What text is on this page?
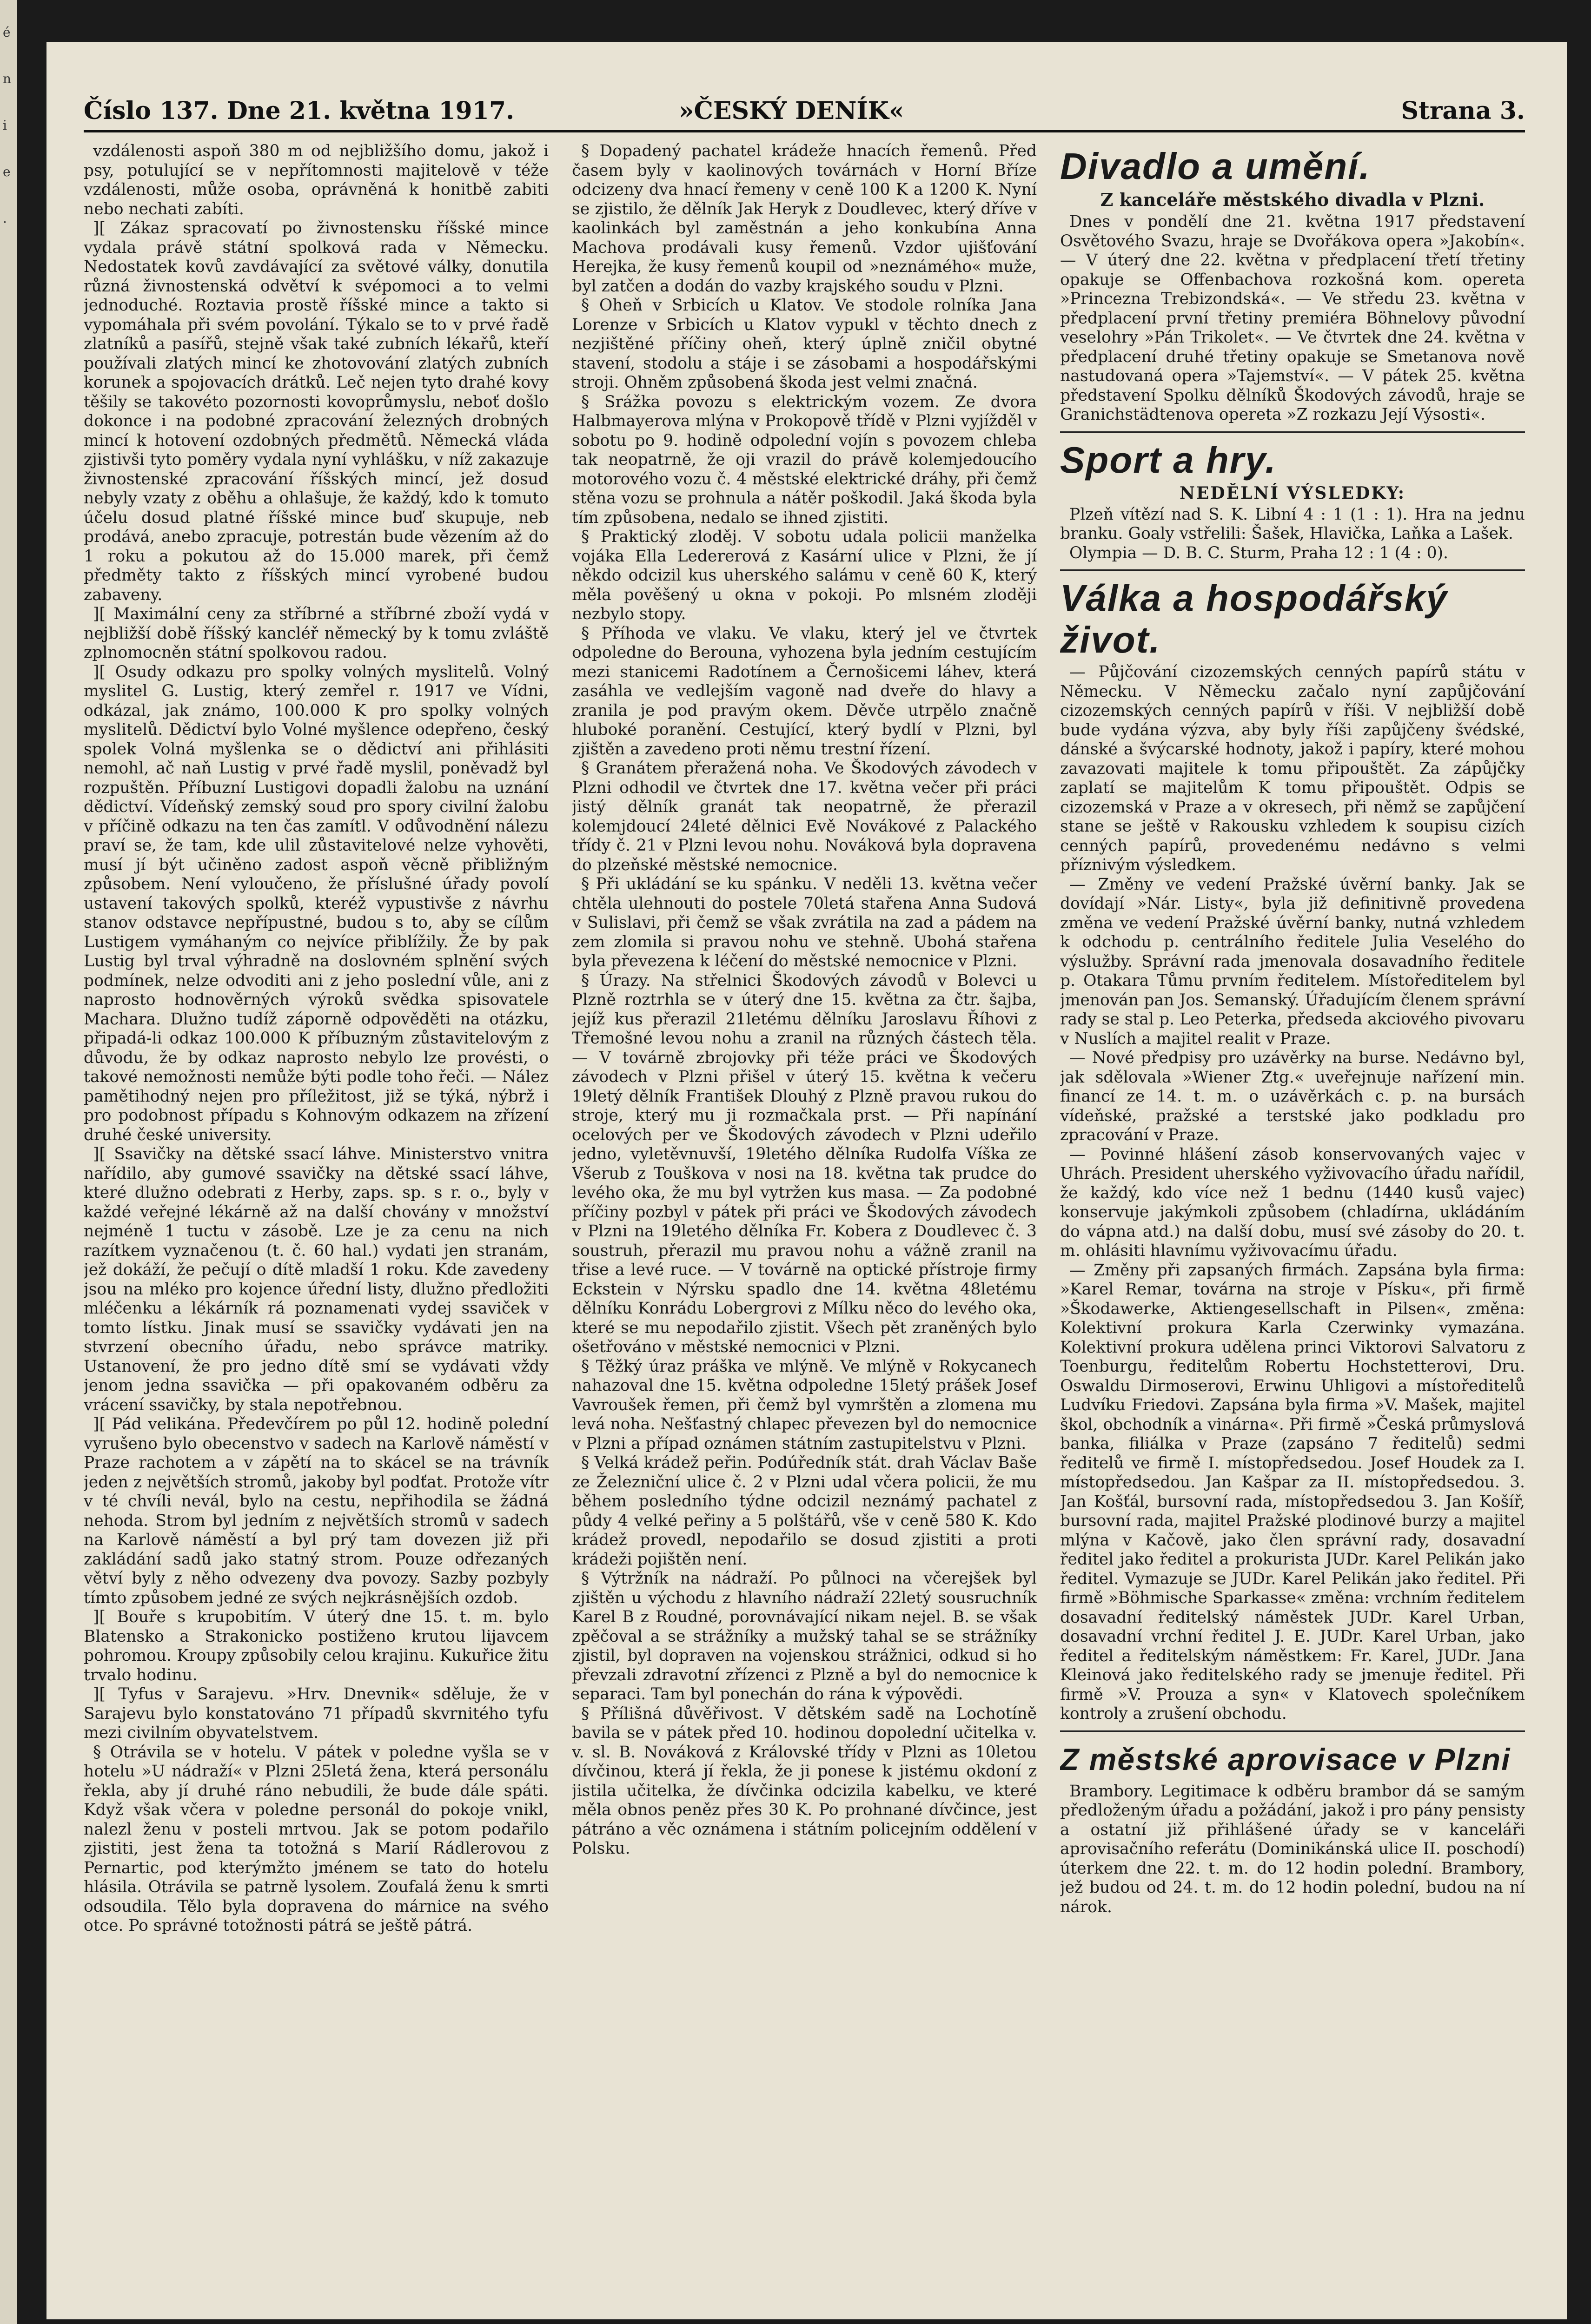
é
n
i
e
.
Číslo 137. Dne 21. května 1917.	»ČESKÝ DENÍK«	Strana 3.

vzdálenosti aspoň 380 m od nejbližšího domu, jakož i psy, potulující se v nepřítomnosti majitelově v téže vzdálenosti, může osoba, oprávněná k honitbě zabiti nebo nechati zabíti.

][ Zákaz spracovatí po živnostensku říšské mince vydala právě státní spolková rada v Německu. Nedostatek kovů zavdávající za světové války, donutila různá živnostenská odvětví k svépomoci a to velmi jednoduché. Roztavia prostě říšské mince a takto si vypomáhala při svém povolání. Týkalo se to v prvé řadě zlatníků a pasířů, stejně však také zubních lékařů, kteří používali zlatých mincí ke zhotovování zlatých zubních korunek a spojovacích drátků. Leč nejen tyto drahé kovy těšily se takovéto pozornosti kovoprůmyslu, neboť došlo dokonce i na podobné zpracování železných drobných mincí k hotovení ozdobných předmětů. Německá vláda zjistivši tyto poměry vydala nyní vyhlášku, v níž zakazuje živnostenské zpracování říšských mincí, jež dosud nebyly vzaty z oběhu a ohlašuje, že každý, kdo k tomuto účelu dosud platné říšské mince buď skupuje, neb prodává, anebo zpracuje, potrestán bude vězením až do 1 roku a pokutou až do 15.000 marek, při čemž předměty takto z říšských mincí vyrobené budou zabaveny.

][ Maximální ceny za stříbrné a stříbrné zboží vydá v nejbližší době říšský kancléř německý by k tomu zvláště zplnomocněn státní spolkovou radou.

][ Osudy odkazu pro spolky volných myslitelů. Volný myslitel G. Lustig, který zemřel r. 1917 ve Vídni, odkázal, jak známo, 100.000 K pro spolky volných myslitelů. Dědictví bylo Volné myšlence odepřeno, český spolek Volná myšlenka se o dědictví ani přihlásiti nemohl, ač naň Lustig v prvé řadě myslil, poněvadž byl rozpuštěn. Příbuzní Lustigovi dopadli žalobu na uznání dědictví. Vídeňský zemský soud pro spory civilní žalobu v příčině odkazu na ten čas zamítl. V odůvodnění nálezu praví se, že tam, kde ulil zůstavitelové nelze vyhověti, musí jí být učiněno zadost aspoň věcně přibližným způsobem. Není vyloučeno, že příslušné úřady povolí ustavení takových spolků, kteréž vypustivše z návrhu stanov odstavce nepřípustné, budou s to, aby se cílům Lustigem vymáhaným co nejvíce přiblížily. Že by pak Lustig byl trval výhradně na doslovném splnění svých podmínek, nelze odvoditi ani z jeho poslední vůle, ani z naprosto hodnověrných výroků svědka spisovatele Machara. Dlužno tudíž záporně odpověděti na otázku, připadá-li odkaz 100.000 K příbuzným zůstavitelovým z důvodu, že by odkaz naprosto nebylo lze provésti, o takové nemožnosti nemůže býti podle toho řeči. — Nález pamětihodný nejen pro příležitost, již se týká, nýbrž i pro podobnost případu s Kohnovým odkazem na zřízení druhé české university.

][ Ssavičky na dětské ssací láhve. Ministerstvo vnitra nařídilo, aby gumové ssavičky na dětské ssací láhve, které dlužno odebrati z Herby, zaps. sp. s r. o., byly v každé veřejné lékárně až na další chovány v množství nejméně 1 tuctu v zásobě. Lze je za cenu na nich razítkem vyznačenou (t. č. 60 hal.) vydati jen stranám, jež dokáží, že pečují o dítě mladší 1 roku. Kde zavedeny jsou na mléko pro kojence úřední listy, dlužno předložiti mléčenku a lékárník rá poznamenati vydej ssaviček v tomto lístku. Jinak musí se ssavičky vydávati jen na stvrzení obecního úřadu, nebo správce matriky. Ustanovení, že pro jedno dítě smí se vydávati vždy jenom jedna ssavička — při opakovaném odběru za vrácení ssavičky, by stala nepotřebnou.

][ Pád velikána. Předevčírem po půl 12. hodině polední vyrušeno bylo obecenstvo v sadech na Karlově náměstí v Praze rachotem a v zápětí na to skácel se na trávník jeden z největších stromů, jakoby byl podťat. Protože vítr v té chvíli nevál, bylo na cestu, nepřihodila se žádná nehoda. Strom byl jedním z největších stromů v sadech na Karlově náměstí a byl prý tam dovezen již při zakládání sadů jako statný strom. Pouze odřezaných větví byly z něho odvezeny dva povozy. Sazby pozbyly tímto způsobem jedné ze svých nejkrásnějších ozdob.

][ Bouře s krupobitím. V úterý dne 15. t. m. bylo Blatensko a Strakonicko postiženo krutou lijavcem pohromou. Kroupy způsobily celou krajinu. Kukuřice žitu trvalo hodinu.

][ Tyfus v Sarajevu. »Hrv. Dnevnik« sděluje, že v Sarajevu bylo konstatováno 71 případů skvrnitého tyfu mezi civilním obyvatelstvem.

§ Otrávila se v hotelu. V pátek v poledne vyšla se v hotelu »U nádraží« v Plzni 25letá žena, která personálu řekla, aby jí druhé ráno nebudili, že bude dále spáti. Když však včera v poledne personál do pokoje vnikl, nalezl ženu v posteli mrtvou. Jak se potom podařilo zjistiti, jest žena ta totožná s Marií Rádlerovou z Pernartic, pod kterýmžto jménem se tato do hotelu hlásila. Otrávila se patrně lysolem. Zoufalá ženu k smrti odsoudila. Tělo byla dopravena do márnice na svého otce. Po správné totožnosti pátrá se ještě pátrá.

§ Dopadený pachatel krádeže hnacích řemenů. Před časem byly v kaolinových továrnách v Horní Bříze odcizeny dva hnací řemeny v ceně 100 K a 1200 K. Nyní se zjistilo, že dělník Jak Heryk z Doudlevec, který dříve v kaolinkách byl zaměstnán a jeho konkubína Anna Machova prodávali kusy řemenů. Vzdor ujišťování Herejka, že kusy řemenů koupil od »neznámého« muže, byl zatčen a dodán do vazby krajského soudu v Plzni.

§ Oheň v Srbicích u Klatov. Ve stodole rolníka Jana Lorenze v Srbicích u Klatov vypukl v těchto dnech z nezjištěné příčiny oheň, který úplně zničil obytné stavení, stodolu a stáje i se zásobami a hospodářskými stroji. Ohněm způsobená škoda jest velmi značná.

§ Srážka povozu s elektrickým vozem. Ze dvora Halbmayerova mlýna v Prokopově třídě v Plzni vyjížděl v sobotu po 9. hodině odpolední vojín s povozem chleba tak neopatrně, že oji vrazil do právě kolemjedoucího motorového vozu č. 4 městské elektrické dráhy, při čemž stěna vozu se prohnula a nátěr poškodil. Jaká škoda byla tím způsobena, nedalo se ihned zjistiti.

§ Praktický zloděj. V sobotu udala policii manželka vojáka Ella Ledererová z Kasární ulice v Plzni, že jí někdo odcizil kus uherského salámu v ceně 60 K, který měla pověšený u okna v pokoji. Po mlsném zloději nezbylo stopy.

§ Příhoda ve vlaku. Ve vlaku, který jel ve čtvrtek odpoledne do Berouna, vyhozena byla jedním cestujícím mezi stanicemi Radotínem a Černošicemi láhev, která zasáhla ve vedlejším vagoně nad dveře do hlavy a zranila je pod pravým okem. Děvče utrpělo značně hluboké poranění. Cestující, který bydlí v Plzni, byl zjištěn a zavedeno proti němu trestní řízení.

§ Granátem přeražená noha. Ve Škodových závodech v Plzni odhodil ve čtvrtek dne 17. května večer při práci jistý dělník granát tak neopatrně, že přerazil kolemjdoucí 24leté dělnici Evě Novákové z Palackého třídy č. 21 v Plzni levou nohu. Nováková byla dopravena do plzeňské městské nemocnice.

§ Při ukládání se ku spánku. V neděli 13. května večer chtěla ulehnouti do postele 70letá stařena Anna Sudová v Sulislavi, při čemž se však zvrátila na zad a pádem na zem zlomila si pravou nohu ve stehně. Ubohá stařena byla převezena k léčení do městské nemocnice v Plzni.

§ Úrazy. Na střelnici Škodových závodů v Bolevci u Plzně roztrhla se v úterý dne 15. května za čtr. šajba, jejíž kus přerazil 21letému dělníku Jaroslavu Říhovi z Třemošné levou nohu a zranil na různých částech těla. — V továrně zbrojovky při téže práci ve Škodových závodech v Plzni přišel v úterý 15. května k večeru 19letý dělník František Dlouhý z Plzně pravou rukou do stroje, který mu ji rozmačkala prst. — Při napínání ocelových per ve Škodových závodech v Plzni udeřilo jedno, vyletěvnuvší, 19letého dělníka Rudolfa Víška ze Všerub z Touškova v nosi na 18. května tak prudce do levého oka, že mu byl vytržen kus masa. — Za podobné příčiny pozbyl v pátek při práci ve Škodových závodech v Plzni na 19letého dělníka Fr. Kobera z Doudlevec č. 3 soustruh, přerazil mu pravou nohu a vážně zranil na třise a levé ruce. — V továrně na optické přístroje firmy Eckstein v Nýrsku spadlo dne 14. května 48letému dělníku Konrádu Lobergrovi z Mílku něco do levého oka, které se mu nepodařilo zjistit. Všech pět zraněných bylo ošetřováno v městské nemocnici v Plzni.

§ Těžký úraz práška ve mlýně. Ve mlýně v Rokycanech nahazoval dne 15. května odpoledne 15letý prášek Josef Vavroušek řemen, při čemž byl vymrštěn a zlomena mu levá noha. Nešťastný chlapec převezen byl do nemocnice v Plzni a případ oznámen státním zastupitelstvu v Plzni.

§ Velká krádež peřin. Podúředník stát. drah Václav Baše ze Železniční ulice č. 2 v Plzni udal včera policii, že mu během posledního týdne odcizil neznámý pachatel z půdy 4 velké peřiny a 5 polštářů, vše v ceně 580 K. Kdo krádež provedl, nepodařilo se dosud zjistiti a proti krádeži pojištěn není.

§ Výtržník na nádraží. Po půlnoci na včerejšek byl zjištěn u východu z hlavního nádraží 22letý sousruchník Karel B z Roudné, porovnávající nikam nejel. B. se však zpěčoval a se strážníky a mužský tahal se se strážníky zjistil, byl dopraven na vojenskou strážnici, odkud si ho převzali zdravotní zřízenci z Plzně a byl do nemocnice k separaci. Tam byl ponechán do rána k výpovědi.

§ Přílišná důvěřivost. V dětském sadě na Lochotíně bavila se v pátek před 10. hodinou dopolední učitelka v. v. sl. B. Nováková z Královské třídy v Plzni as 10letou dívčinou, která jí řekla, že ji ponese k jistému okdoní z jistila učitelka, že dívčinka odcizila kabelku, ve které měla obnos peněz přes 30 K. Po prohnané dívčince, jest pátráno a věc oznámena i státním policejním oddělení v Polsku.

Divadlo a umění.
Z kanceláře městského divadla v Plzni.

Dnes v pondělí dne 21. května 1917 představení Osvětového Svazu, hraje se Dvořákova opera »Jakobín«. — V úterý dne 22. května v předplacení třetí třetiny opakuje se Offenbachova rozkošná kom. opereta »Princezna Trebizondská«. — Ve středu 23. května v předplacení první třetiny premiéra Böhnelovy původní veselohry »Pán Trikolet«. — Ve čtvrtek dne 24. května v předplacení druhé třetiny opakuje se Smetanova nově nastudovaná opera »Tajemství«. — V pátek 25. května představení Spolku dělníků Škodových závodů, hraje se Granichstädtenova opereta »Z rozkazu Její Výsosti«.

Sport a hry.
NEDĚLNÍ VÝSLEDKY:

Plzeň vítězí nad S. K. Libní 4 : 1 (1 : 1). Hra na jednu branku. Goaly vstřelili: Šašek, Hlavička, Laňka a Lašek.

Olympia — D. B. C. Sturm, Praha 12 : 1 (4 : 0).

Válka a hospodářský život.

— Půjčování cizozemských cenných papírů státu v Německu. V Německu začalo nyní zapůjčování cizozemských cenných papírů v říši. V nejbližší době bude vydána výzva, aby byly říši zapůjčeny švédské, dánské a švýcarské hodnoty, jakož i papíry, které mohou zavazovati majitele k tomu připouštět. Za zápůjčky zaplatí se majitelům K tomu připouštět. Odpis se cizozemská v Praze a v okresech, při němž se zapůjčení stane se ještě v Rakousku vzhledem k soupisu cizích cenných papírů, provedenému nedávno s velmi příznivým výsledkem.

— Změny ve vedení Pražské úvěrní banky. Jak se dovídají »Nár. Listy«, byla již definitivně provedena změna ve vedení Pražské úvěrní banky, nutná vzhledem k odchodu p. centrálního ředitele Julia Veselého do výslužby. Správní rada jmenovala dosavadního ředitele p. Otakara Tůmu prvním ředitelem. Místoředitelem byl jmenován pan Jos. Semanský. Úřadujícím členem správní rady se stal p. Leo Peterka, předseda akciového pivovaru v Nuslích a majitel realit v Praze.

— Nové předpisy pro uzávěrky na burse. Nedávno byl, jak sdělovala »Wiener Ztg.« uveřejnuje nařízení min. financí ze 14. t. m. o uzávěrkách c. p. na bursách vídeňské, pražské a terstské jako podkladu pro zpracování v Praze.

— Povinné hlášení zásob konservovaných vajec v Uhrách. President uherského vyživovacího úřadu nařídil, že každý, kdo více než 1 bednu (1440 kusů vajec) konservuje jakýmkoli způsobem (chladírna, ukládáním do vápna atd.) na další dobu, musí své zásoby do 20. t. m. ohlásiti hlavnímu vyživovacímu úřadu.

— Změny při zapsaných firmách. Zapsána byla firma: »Karel Remar, továrna na stroje v Písku«, při firmě »Škodawerke, Aktiengesellschaft in Pilsen«, změna: Kolektivní prokura Karla Czerwinky vymazána. Kolektivní prokura udělena princi Viktorovi Salvatoru z Toenburgu, ředitelům Robertu Hochstetterovi, Dru. Oswaldu Dirmoserovi, Erwinu Uhligovi a místoředitelů Ludvíku Friedovi. Zapsána byla firma »V. Mašek, majitel škol, obchodník a vinárna«. Při firmě »Česká průmyslová banka, filiálka v Praze (zapsáno 7 ředitelů) sedmi ředitelů ve firmě I. místopředsedou. Josef Houdek za I. místopředsedou. Jan Kašpar za II. místopředsedou. 3. Jan Košťál, bursovní rada, místopředsedou 3. Jan Košíř, bursovní rada, majitel Pražské plodinové burzy a majitel mlýna v Kačově, jako člen správní rady, dosavadní ředitel jako ředitel a prokurista JUDr. Karel Pelikán jako ředitel. Vymazuje se JUDr. Karel Pelikán jako ředitel. Při firmě »Böhmische Sparkasse« změna: vrchním ředitelem dosavadní ředitelský náměstek JUDr. Karel Urban, dosavadní vrchní ředitel J. E. JUDr. Karel Urban, jako ředitel a ředitelským náměstkem: Fr. Karel, JUDr. Jana Kleinová jako ředitelského rady se jmenuje ředitel. Při firmě »V. Prouza a syn« v Klatovech společníkem kontroly a zrušení obchodu.

Z městské aprovisace v Plzni

Brambory. Legitimace k odběru brambor dá se samým předloženým úřadu a požádání, jakož i pro pány pensisty a ostatní již přihlášené úřady se v kanceláři aprovisačního referátu (Dominikánská ulice II. poschodí) úterkem dne 22. t. m. do 12 hodin polední. Brambory, jež budou od 24. t. m. do 12 hodin polední, budou na ní nárok.
